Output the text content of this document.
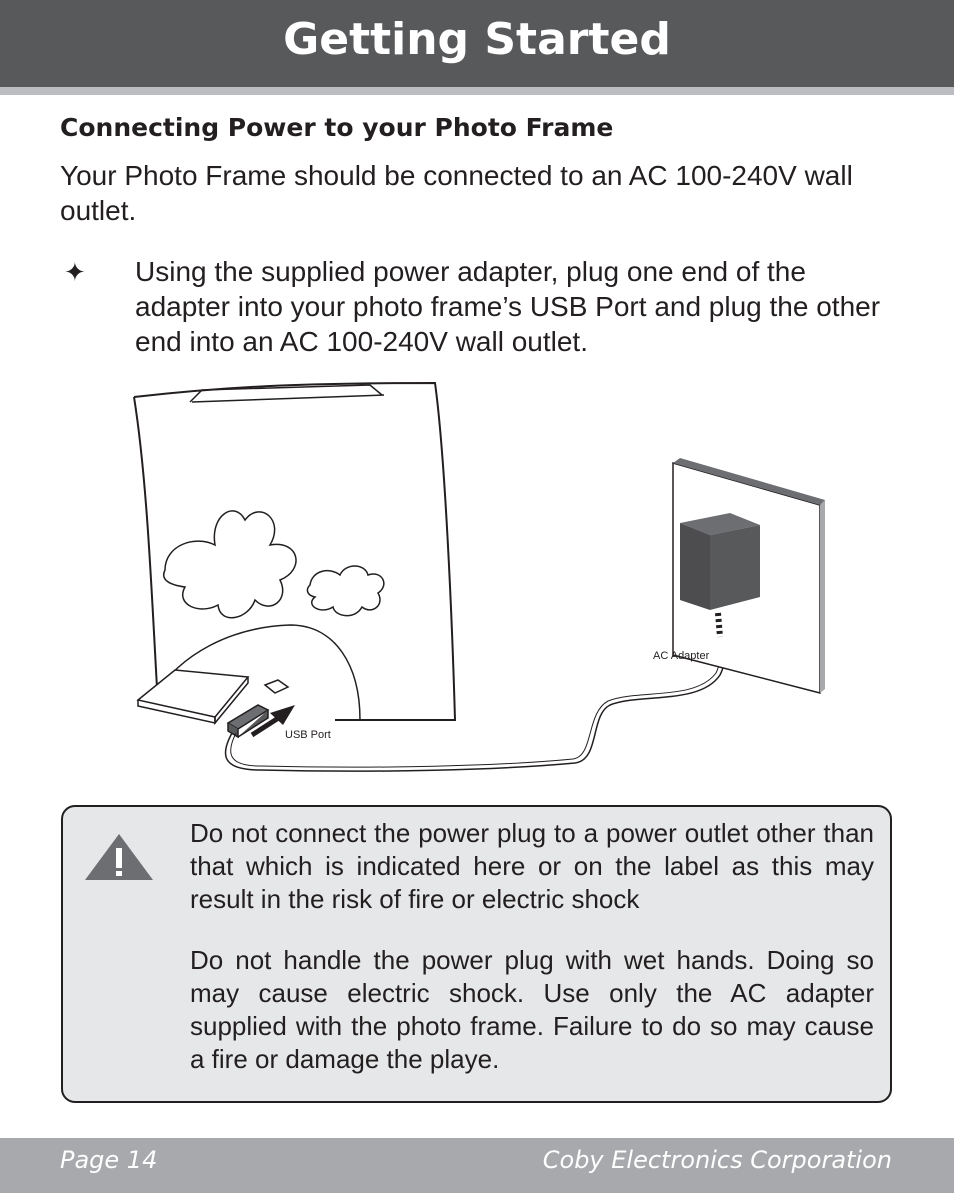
Getting Started
Connecting Power to your Photo Frame

Your Photo Frame should be connected to an AC 100-240V wall outlet.

✦ Using the supplied power adapter, plug one end of the adapter into your photo frame’s USB Port and plug the other end into an AC 100-240V wall outlet.

USB Port
AC Adapter

Do not connect the power plug to a power outlet other than that which is indicated here or on the label as this may result in the risk of fire or electric shock

Do not handle the power plug with wet hands. Doing so may cause electric shock. Use only the AC adapter supplied with the photo frame. Failure to do so may cause a fire or damage the playe.

Page 14	Coby Electronics Corporation
